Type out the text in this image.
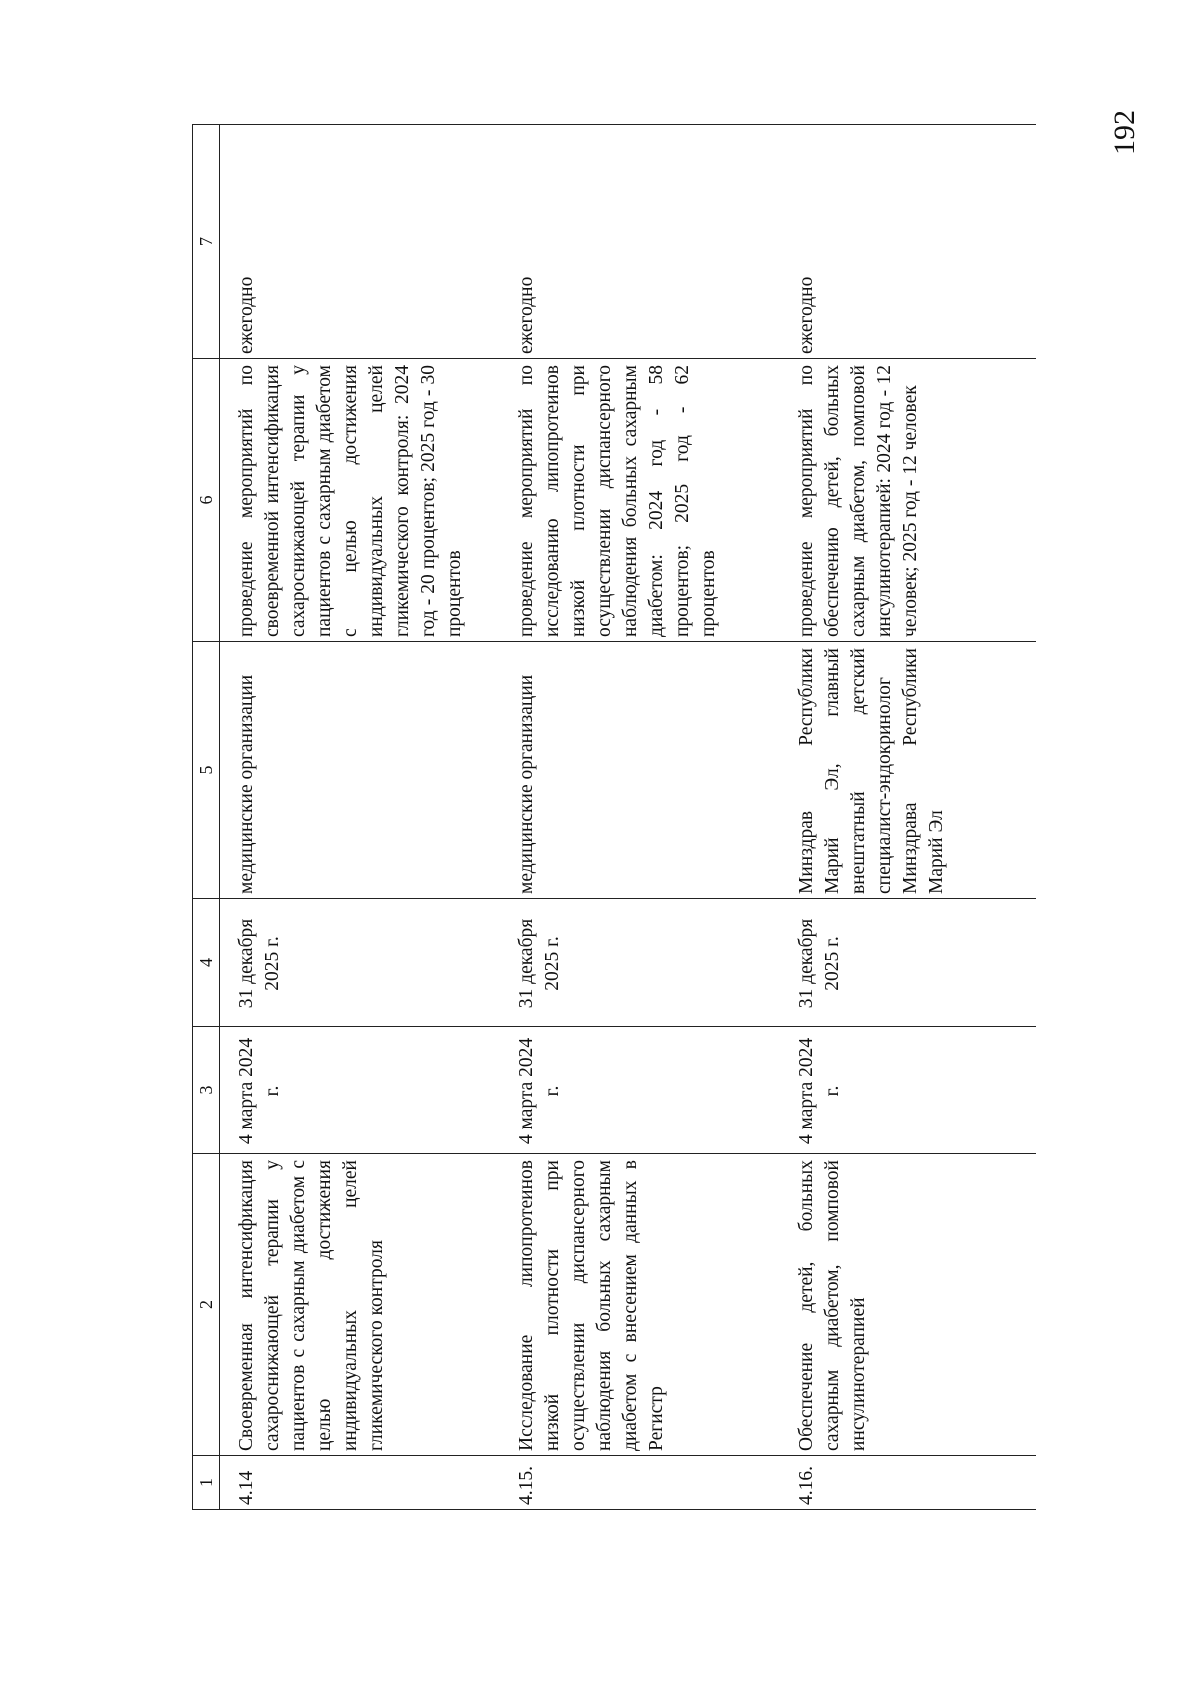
192
1	2	3	4	5	6	7
4.14	Своевременная интенсификация сахароснижающей терапии у пациентов с сахарным диабетом с целью достижения индивидуальных целей гликемического контроля	4 марта 2024 г.	31 декабря 2025 г.	медицинские организации	проведение мероприятий по своевременной интенсификация сахароснижающей терапии у пациентов с сахарным диабетом с целью достижения индивидуальных целей гликемического контроля: 2024 год - 20 процентов; 2025 год - 30 процентов	ежегодно
4.15.	Исследование липопротеинов низкой плотности при осуществлении диспансерного наблюдения больных сахарным диабетом с внесением данных в Регистр	4 марта 2024 г.	31 декабря 2025 г.	медицинские организации	проведение мероприятий по исследованию липопротеинов низкой плотности при осуществлении диспансерного наблюдения больных сахарным диабетом: 2024 год - 58 процентов; 2025 год - 62 процентов	ежегодно
4.16.	Обеспечение детей, больных сахарным диабетом, помповой инсулинотерапией	4 марта 2024 г.	31 декабря 2025 г.	Минздрав Республики Марий Эл, главный внештатный детский специалист-эндокринолог Минздрава Республики Марий Эл	проведение мероприятий по обеспечению детей, больных сахарным диабетом, помповой инсулинотерапией: 2024 год - 12 человек; 2025 год - 12 человек	ежегодно
